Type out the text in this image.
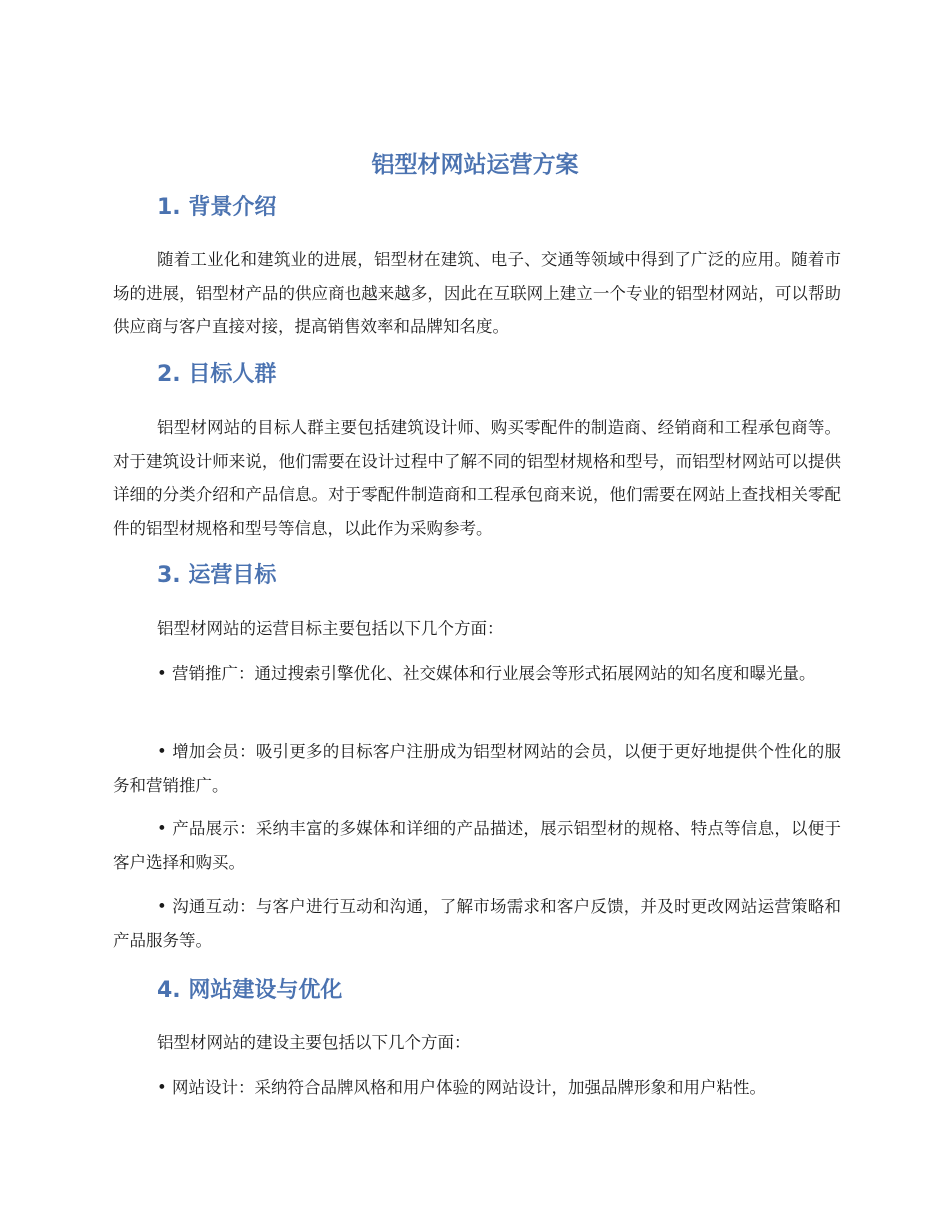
铝型材网站运营方案
1. 背景介绍

随着工业化和建筑业的进展，铝型材在建筑、电子、交通等领域中得到了广泛的应用。随着市场的进展，铝型材产品的供应商也越来越多，因此在互联网上建立一个专业的铝型材网站，可以帮助供应商与客户直接对接，提高销售效率和品牌知名度。

2. 目标人群

铝型材网站的目标人群主要包括建筑设计师、购买零配件的制造商、经销商和工程承包商等。对于建筑设计师来说，他们需要在设计过程中了解不同的铝型材规格和型号，而铝型材网站可以提供详细的分类介绍和产品信息。对于零配件制造商和工程承包商来说，他们需要在网站上查找相关零配件的铝型材规格和型号等信息，以此作为采购参考。

3. 运营目标

铝型材网站的运营目标主要包括以下几个方面：

• 营销推广：通过搜索引擎优化、社交媒体和行业展会等形式拓展网站的知名度和曝光量。

• 增加会员：吸引更多的目标客户注册成为铝型材网站的会员，以便于更好地提供个性化的服务和营销推广。

• 产品展示：采纳丰富的多媒体和详细的产品描述，展示铝型材的规格、特点等信息，以便于客户选择和购买。

• 沟通互动：与客户进行互动和沟通，了解市场需求和客户反馈，并及时更改网站运营策略和产品服务等。

4. 网站建设与优化

铝型材网站的建设主要包括以下几个方面：

• 网站设计：采纳符合品牌风格和用户体验的网站设计，加强品牌形象和用户粘性。
